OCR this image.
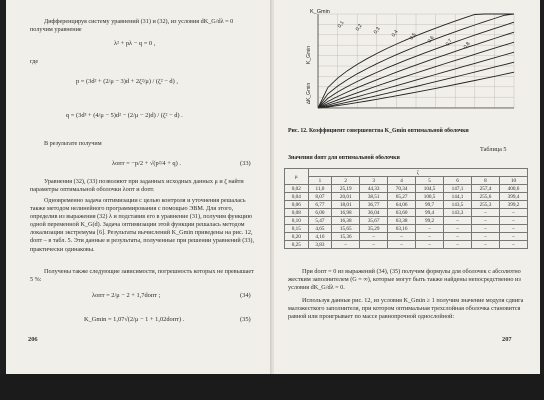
Дифференцируя систему уравнений (31) и (32), из условия dK_G/dλ = 0 получим уравнение
λ² + pλ − q = 0 ,
где
p = (3d² + (2/μ − 3)d + 2ζ²/μ) / (ζ² − d) ,
q = (3d³ + (4/μ − 5)d² − (2/μ − 2)d) / (ζ² − d) .
В результате получим
λопт = −p/2 + √(p²/4 + q) .	(33)
Уравнения (32), (33) позволяют при заданных исходных данных μ и ζ найти параметры оптимальной оболочки λопт и dопт.
Одновременно задача оптимизации с целью контроля и уточнения решалась также методом нелинейного программирования с помощью ЭВМ. Для этого, определив из выражения (32) λ и подставив его в уравнение (31), получим функцию одной переменной K_G(d). Задача оптимизации этой функции решалась методом локализации экстремума [6]. Результаты вычислений K_Gmin приведены на рис. 12, dопт – в табл. 5. Эти данные и результаты, полученные при решении уравнений (33), практически одинаковы.
Получены также следующие зависимости, погрешность которых не превышает 5 %:
λопт = 2/μ − 2 + 1,7dопт ;	(34)
K_Gmin = 1,07√(2/μ − 1 + 1,02dопт) .	(35)
206
K_Gmin
∆K_Gmin
K_Gmin
0,1 0,2 0,3 0,4 0,5 0,6 0,7 0,8
Рис. 12. Коэффициент совершенства K_Gmin оптимальной оболочки
Таблица 5
Значения dопт для оптимальной оболочки
μ	ζ							
	1	2	3	4	5	6	8	10
0,02	11,0	25,19	44,33	70,34	104,5	147,1	257,4	400,6
0,04	8,07	20,01	38,51	65,27	100,5	144,1	255,6	399,4
0,06	6,77	18,01	36,77	64,06	99,7	143,5	255,3	399,2
0,08	6,00	16,98	36,04	63,60	99,4	143,3	–	–
0,10	5,47	16,38	35,67	63,38	99,2	–	–	–
0,15	4,65	15,65	35,29	63,16	–	–	–	–
0,20	4,16	15,36	–	–	–	–	–	–
0,25	3,83	–	–	–	–	–	–	–
При dопт = 0 из выражений (34), (35) получим формулы для оболочек с абсолютно жестким заполнителем (G = ∞), которые могут быть также найдены непосредственно из условия dK_G/dλ = 0.
Используя данные рис. 12, из условия K_Gmin ≥ 1 получим значение модуля сдвига маложесткого заполнителя, при котором оптимальная трехслойная оболочка становится равной или проигрывает по массе равнопрочной однослойной:
207
